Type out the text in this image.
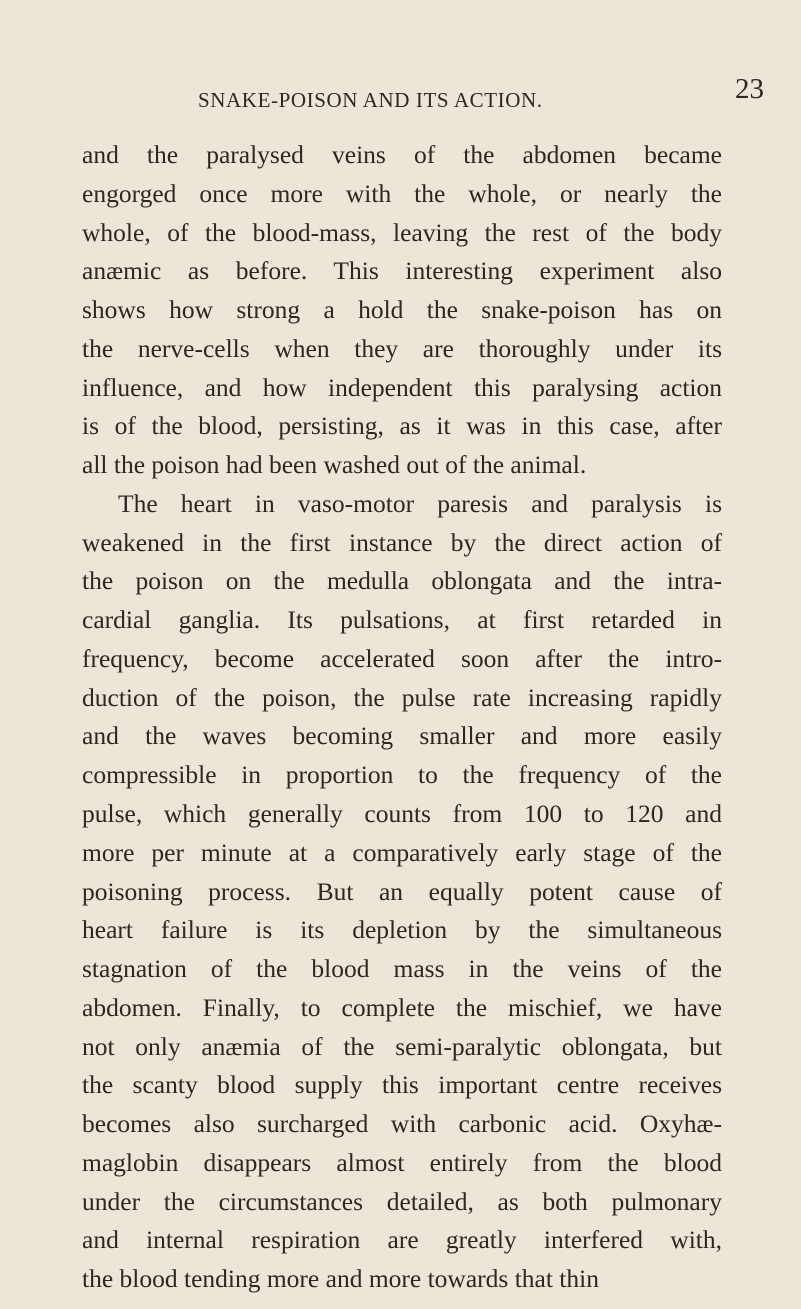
SNAKE-POISON AND ITS ACTION.	23
and the paralysed veins of the abdomen became
engorged once more with the whole, or nearly the
whole, of the blood-mass, leaving the rest of the body
anæmic as before. This interesting experiment also
shows how strong a hold the snake-poison has on
the nerve-cells when they are thoroughly under its
influence, and how independent this paralysing action
is of the blood, persisting, as it was in this case, after
all the poison had been washed out of the animal.
The heart in vaso-motor paresis and paralysis is
weakened in the first instance by the direct action of
the poison on the medulla oblongata and the intra-
cardial ganglia. Its pulsations, at first retarded in
frequency, become accelerated soon after the intro-
duction of the poison, the pulse rate increasing rapidly
and the waves becoming smaller and more easily
compressible in proportion to the frequency of the
pulse, which generally counts from 100 to 120 and
more per minute at a comparatively early stage of the
poisoning process. But an equally potent cause of
heart failure is its depletion by the simultaneous
stagnation of the blood mass in the veins of the
abdomen. Finally, to complete the mischief, we have
not only anæmia of the semi-paralytic oblongata, but
the scanty blood supply this important centre receives
becomes also surcharged with carbonic acid. Oxyhæ-
maglobin disappears almost entirely from the blood
under the circumstances detailed, as both pulmonary
and internal respiration are greatly interfered with,
the blood tending more and more towards that thin
